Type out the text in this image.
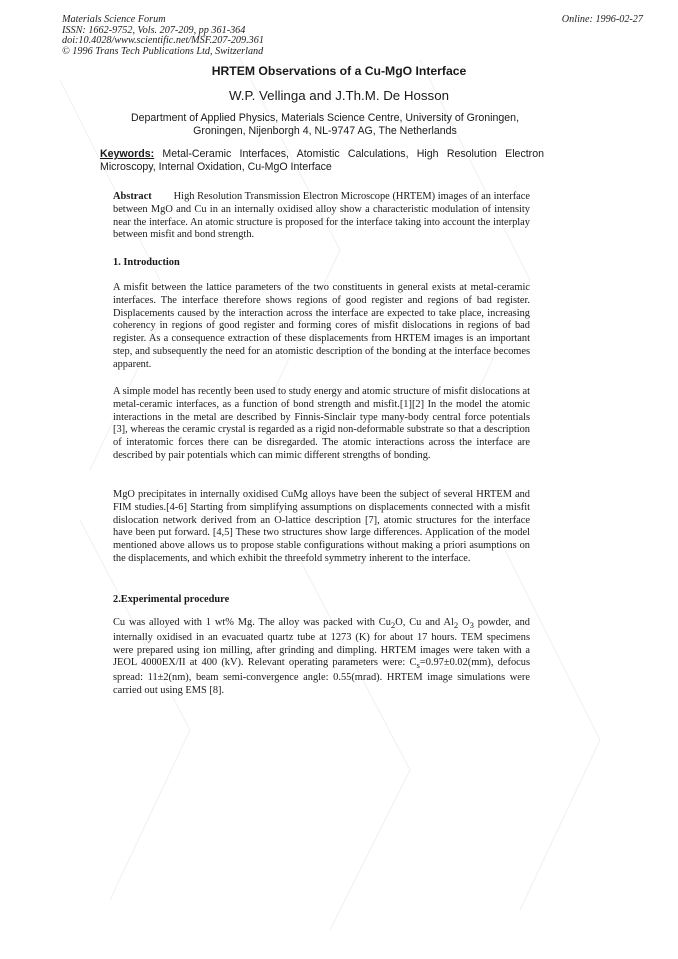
Materials Science Forum
ISSN: 1662-9752, Vols. 207-209, pp 361-364
doi:10.4028/www.scientific.net/MSF.207-209.361
© 1996 Trans Tech Publications Ltd, Switzerland
Online: 1996-02-27
HRTEM Observations of a Cu-MgO Interface
W.P. Vellinga and J.Th.M. De Hosson
Department of Applied Physics, Materials Science Centre, University of Groningen,
Groningen, Nijenborgh 4, NL-9747 AG, The Netherlands
Keywords: Metal-Ceramic Interfaces, Atomistic Calculations, High Resolution Electron Microscopy, Internal Oxidation, Cu-MgO Interface
Abstract High Resolution Transmission Electron Microscope (HRTEM) images of an interface between MgO and Cu in an internally oxidised alloy show a characteristic modulation of intensity near the interface. An atomic structure is proposed for the interface taking into account the interplay between misfit and bond strength.
1. Introduction
A misfit between the lattice parameters of the two constituents in general exists at metal-ceramic interfaces. The interface therefore shows regions of good register and regions of bad register. Displacements caused by the interaction across the interface are expected to take place, increasing coherency in regions of good register and forming cores of misfit dislocations in regions of bad register. As a consequence extraction of these displacements from HRTEM images is an important step, and subsequently the need for an atomistic description of the bonding at the interface becomes apparent.
A simple model has recently been used to study energy and atomic structure of misfit dislocations at metal-ceramic interfaces, as a function of bond strength and misfit.[1][2] In the model the atomic interactions in the metal are described by Finnis-Sinclair type many-body central force potentials [3], whereas the ceramic crystal is regarded as a rigid non-deformable substrate so that a description of interatomic forces there can be disregarded. The atomic interactions across the interface are described by pair potentials which can mimic different strengths of bonding.
MgO precipitates in internally oxidised CuMg alloys have been the subject of several HRTEM and FIM studies.[4-6] Starting from simplifying assumptions on displacements connected with a misfit dislocation network derived from an O-lattice description [7], atomic structures for the interface have been put forward. [4,5] These two structures show large differences. Application of the model mentioned above allows us to propose stable configurations without making a priori asumptions on the displacements, and which exhibit the threefold symmetry inherent to the interface.
2.Experimental procedure
Cu was alloyed with 1 wt% Mg. The alloy was packed with $Cu_2O$, Cu and $Al_2$ $O_3$ powder, and internally oxidised in an evacuated quartz tube at 1273 (K) for about 17 hours. TEM specimens were prepared using ion milling, after grinding and dimpling. HRTEM images were taken with a JEOL 4000EX/II at 400 (kV). Relevant operating parameters were: $C_s=0.97\pm 0.02(mm)$, defocus spread: 11±2(nm), beam semi-convergence angle: 0.55(mrad). HRTEM image simulations were carried out using EMS [8].
